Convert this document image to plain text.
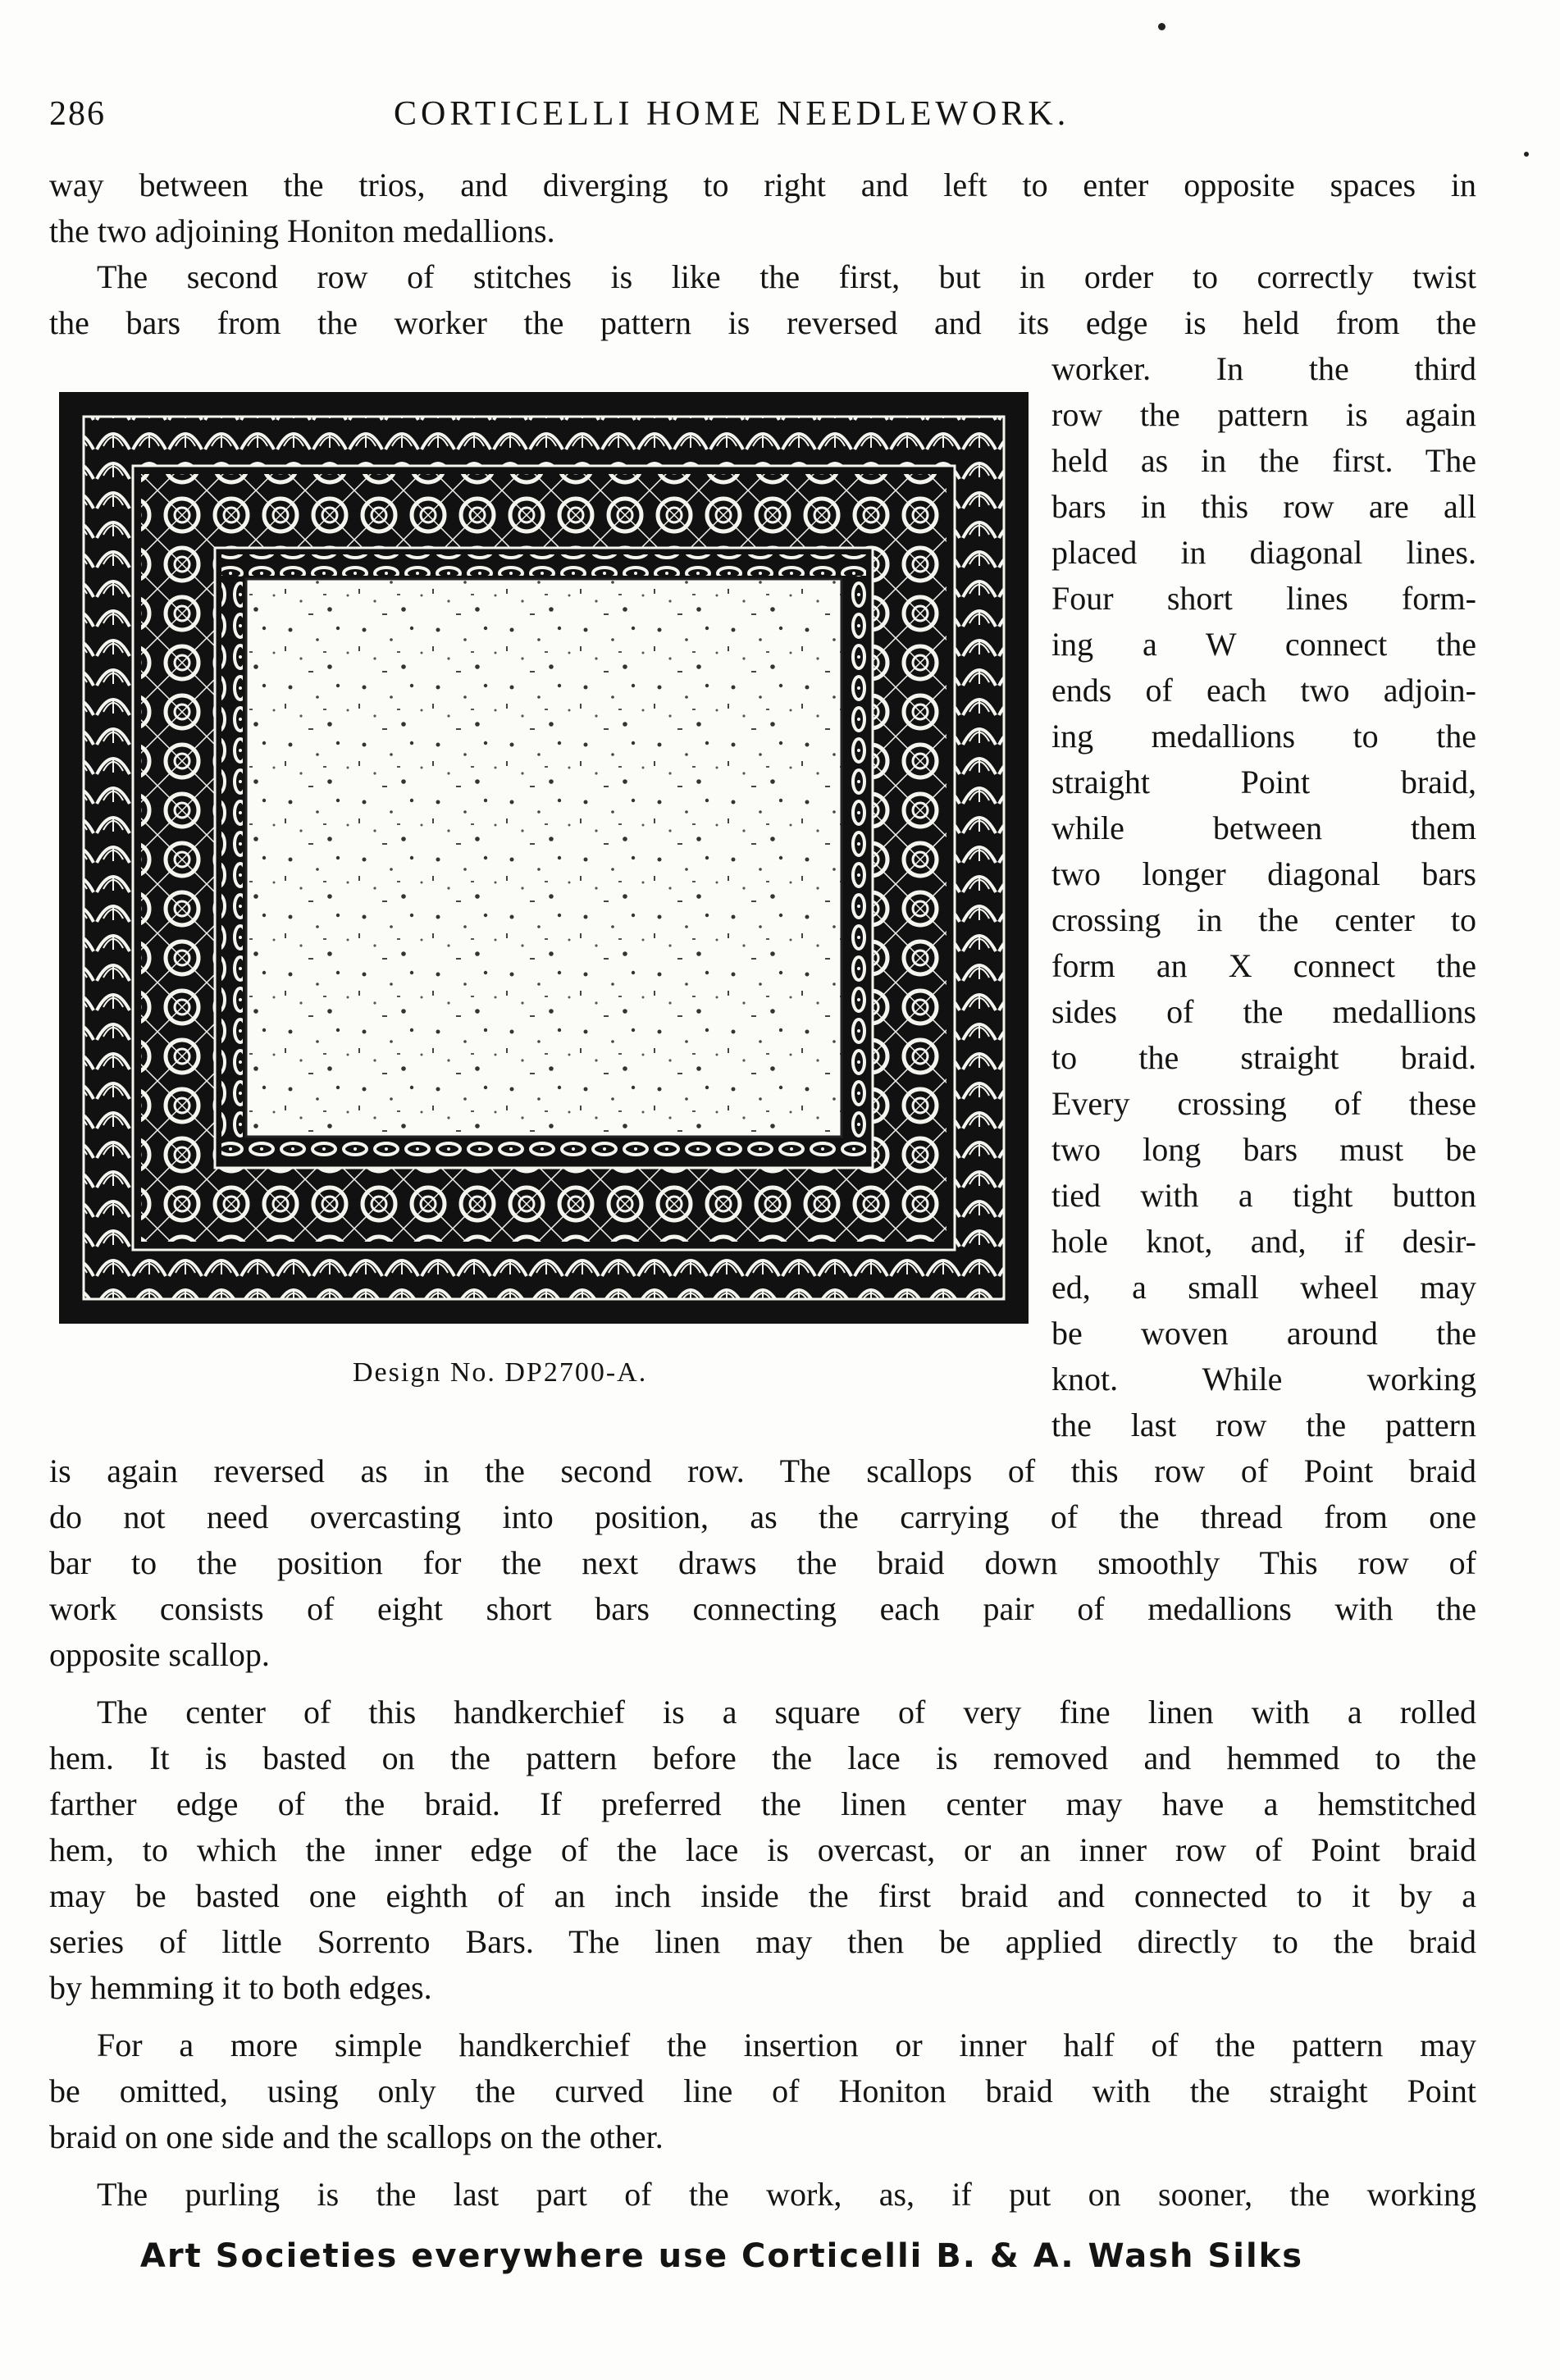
286	CORTICELLI HOME NEEDLEWORK.
way between the trios, and diverging to right and left to enter opposite spaces in
the two adjoining Honiton medallions.
The second row of stitches is like the first, but in order to correctly twist
the bars from the worker the pattern is reversed and its edge is held from the
worker. In the third
row the pattern is again
held as in the first. The
bars in this row are all
placed in diagonal lines.
Four short lines form-
ing a W connect the
ends of each two adjoin-
ing medallions to the
straight Point braid,
while between them
two longer diagonal bars
crossing in the center to
form an X connect the
sides of the medallions
to the straight braid.
Every crossing of these
two long bars must be
tied with a tight button
hole knot, and, if desir-
ed, a small wheel may
be woven around the
knot. While working
the last row the pattern
Design No. DP2700-A.
is again reversed as in the second row. The scallops of this row of Point braid
do not need overcasting into position, as the carrying of the thread from one
bar to the position for the next draws the braid down smoothly This row of
work consists of eight short bars connecting each pair of medallions with the
opposite scallop.
The center of this handkerchief is a square of very fine linen with a rolled
hem. It is basted on the pattern before the lace is removed and hemmed to the
farther edge of the braid. If preferred the linen center may have a hemstitched
hem, to which the inner edge of the lace is overcast, or an inner row of Point braid
may be basted one eighth of an inch inside the first braid and connected to it by a
series of little Sorrento Bars. The linen may then be applied directly to the braid
by hemming it to both edges.
For a more simple handkerchief the insertion or inner half of the pattern may
be omitted, using only the curved line of Honiton braid with the straight Point
braid on one side and the scallops on the other.
The purling is the last part of the work, as, if put on sooner, the working
Art Societies everywhere use Corticelli B. & A. Wash Silks
